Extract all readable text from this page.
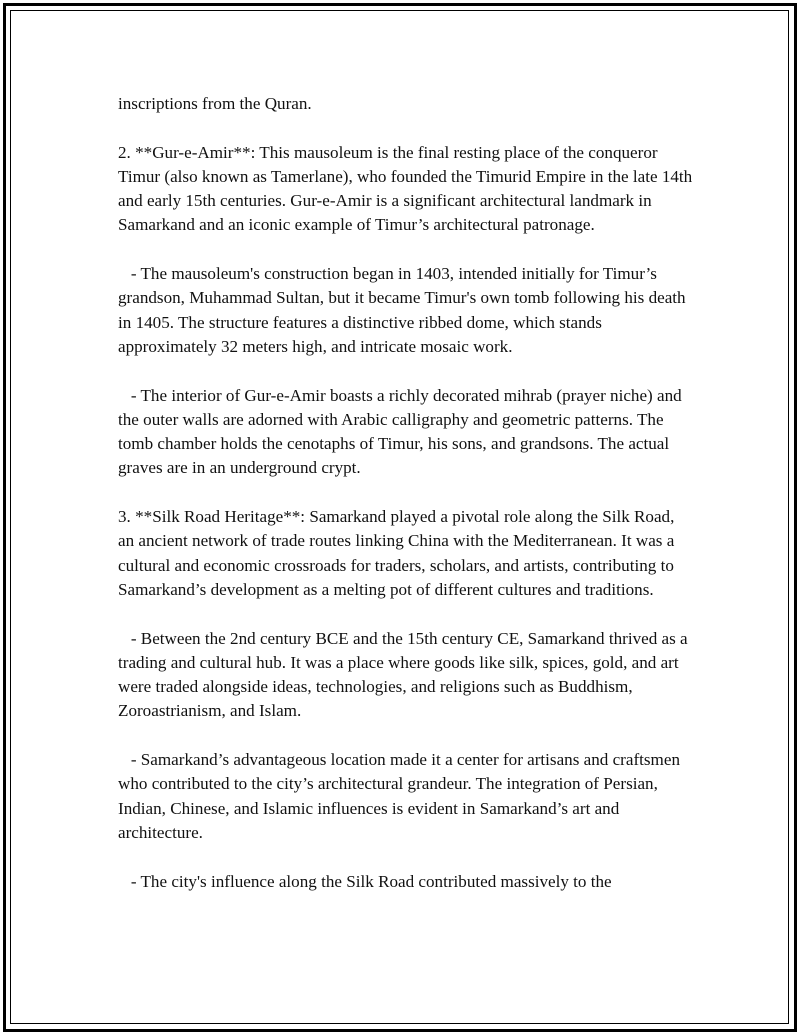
inscriptions from the Quran.

2. **Gur-e-Amir**: This mausoleum is the final resting place of the conqueror Timur (also known as Tamerlane), who founded the Timurid Empire in the late 14th and early 15th centuries. Gur-e-Amir is a significant architectural landmark in Samarkand and an iconic example of Timur’s architectural patronage.

- The mausoleum's construction began in 1403, intended initially for Timur’s grandson, Muhammad Sultan, but it became Timur's own tomb following his death in 1405. The structure features a distinctive ribbed dome, which stands approximately 32 meters high, and intricate mosaic work.

- The interior of Gur-e-Amir boasts a richly decorated mihrab (prayer niche) and the outer walls are adorned with Arabic calligraphy and geometric patterns. The tomb chamber holds the cenotaphs of Timur, his sons, and grandsons. The actual graves are in an underground crypt.

3. **Silk Road Heritage**: Samarkand played a pivotal role along the Silk Road, an ancient network of trade routes linking China with the Mediterranean. It was a cultural and economic crossroads for traders, scholars, and artists, contributing to Samarkand’s development as a melting pot of different cultures and traditions.

- Between the 2nd century BCE and the 15th century CE, Samarkand thrived as a trading and cultural hub. It was a place where goods like silk, spices, gold, and art were traded alongside ideas, technologies, and religions such as Buddhism, Zoroastrianism, and Islam.

- Samarkand’s advantageous location made it a center for artisans and craftsmen who contributed to the city’s architectural grandeur. The integration of Persian, Indian, Chinese, and Islamic influences is evident in Samarkand’s art and architecture.

- The city's influence along the Silk Road contributed massively to the
